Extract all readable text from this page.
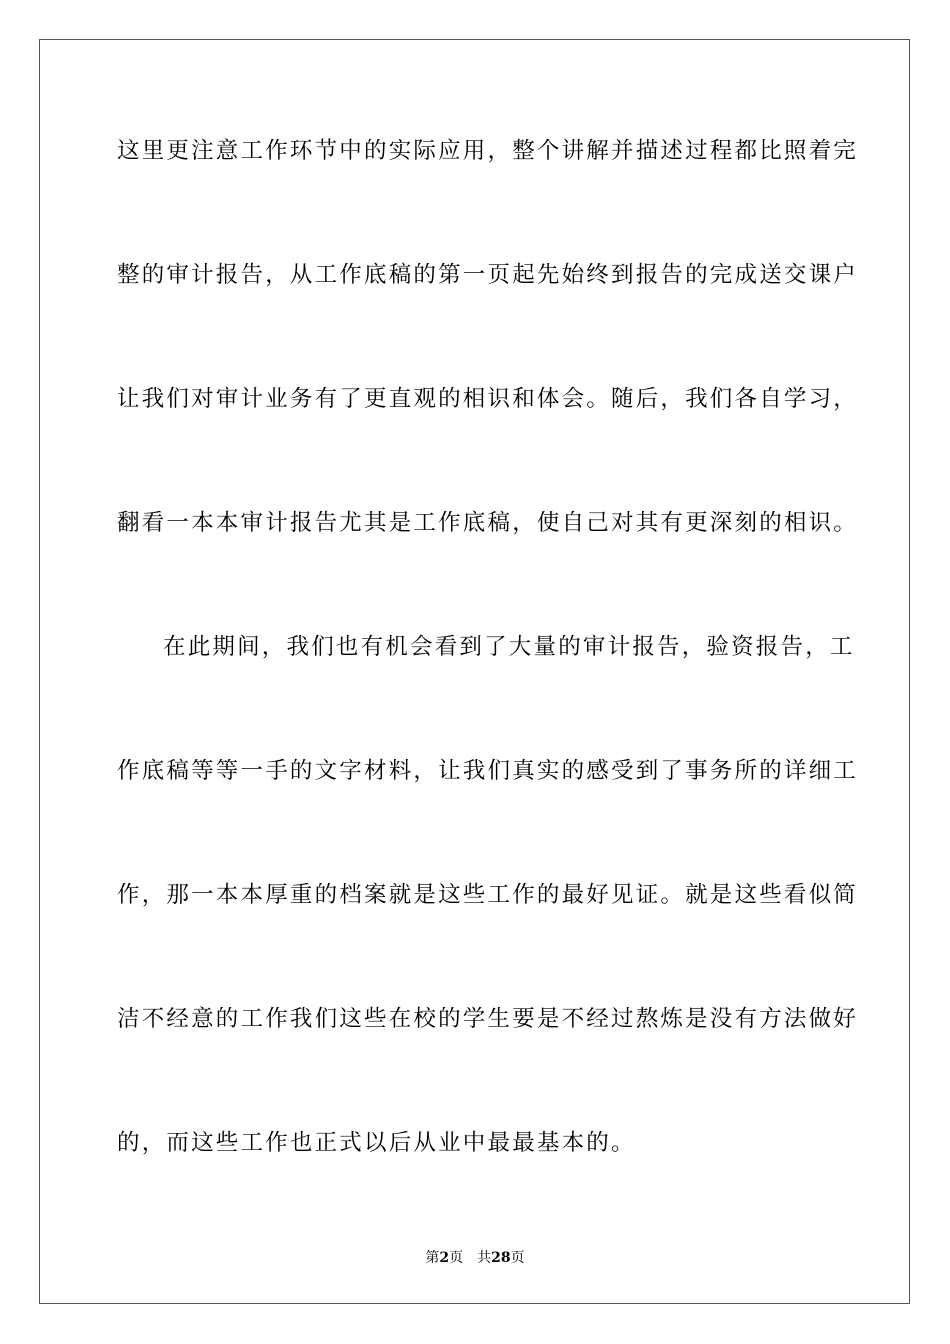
这里更注意工作环节中的实际应用，整个讲解并描述过程都比照着完
整的审计报告，从工作底稿的第一页起先始终到报告的完成送交课户
让我们对审计业务有了更直观的相识和体会。随后，我们各自学习，
翻看一本本审计报告尤其是工作底稿，使自己对其有更深刻的相识。
在此期间，我们也有机会看到了大量的审计报告，验资报告，工
作底稿等等一手的文字材料，让我们真实的感受到了事务所的详细工
作，那一本本厚重的档案就是这些工作的最好见证。就是这些看似简
洁不经意的工作我们这些在校的学生要是不经过熬炼是没有方法做好
的，而这些工作也正式以后从业中最最基本的。
第2页 共28页
